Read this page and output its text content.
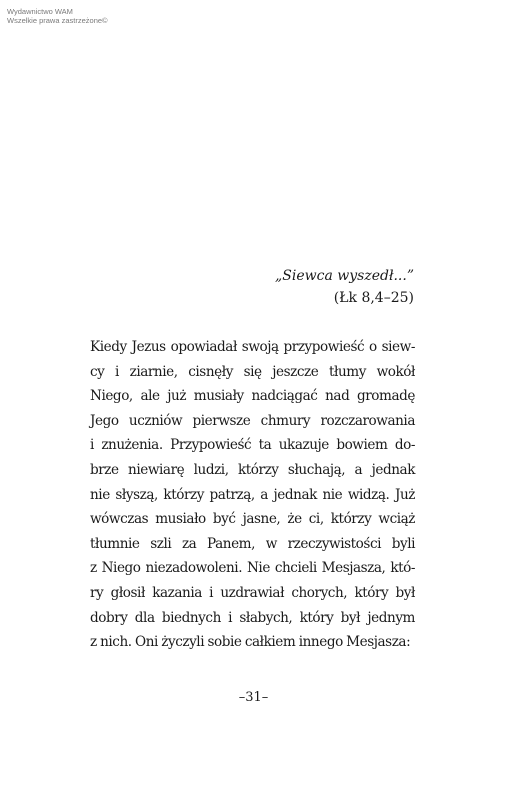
Wydawnictwo WAM
Wszelkie prawa zastrzeżone©
„Siewca wyszedł...”
(Łk 8,4–25)
Kiedy Jezus opowiadał swoją przypowieść o siew-
cy i ziarnie, cisnęły się jeszcze tłumy wokół
Niego, ale już musiały nadciągać nad gromadę
Jego uczniów pierwsze chmury rozczarowania
i znużenia. Przypowieść ta ukazuje bowiem do-
brze niewiarę ludzi, którzy słuchają, a jednak
nie słyszą, którzy patrzą, a jednak nie widzą. Już
wówczas musiało być jasne, że ci, którzy wciąż
tłumnie szli za Panem, w rzeczywistości byli
z Niego niezadowoleni. Nie chcieli Mesjasza, któ-
ry głosił kazania i uzdrawiał chorych, który był
dobry dla biednych i słabych, który był jednym
z nich. Oni życzyli sobie całkiem innego Mesjasza:
–31–
